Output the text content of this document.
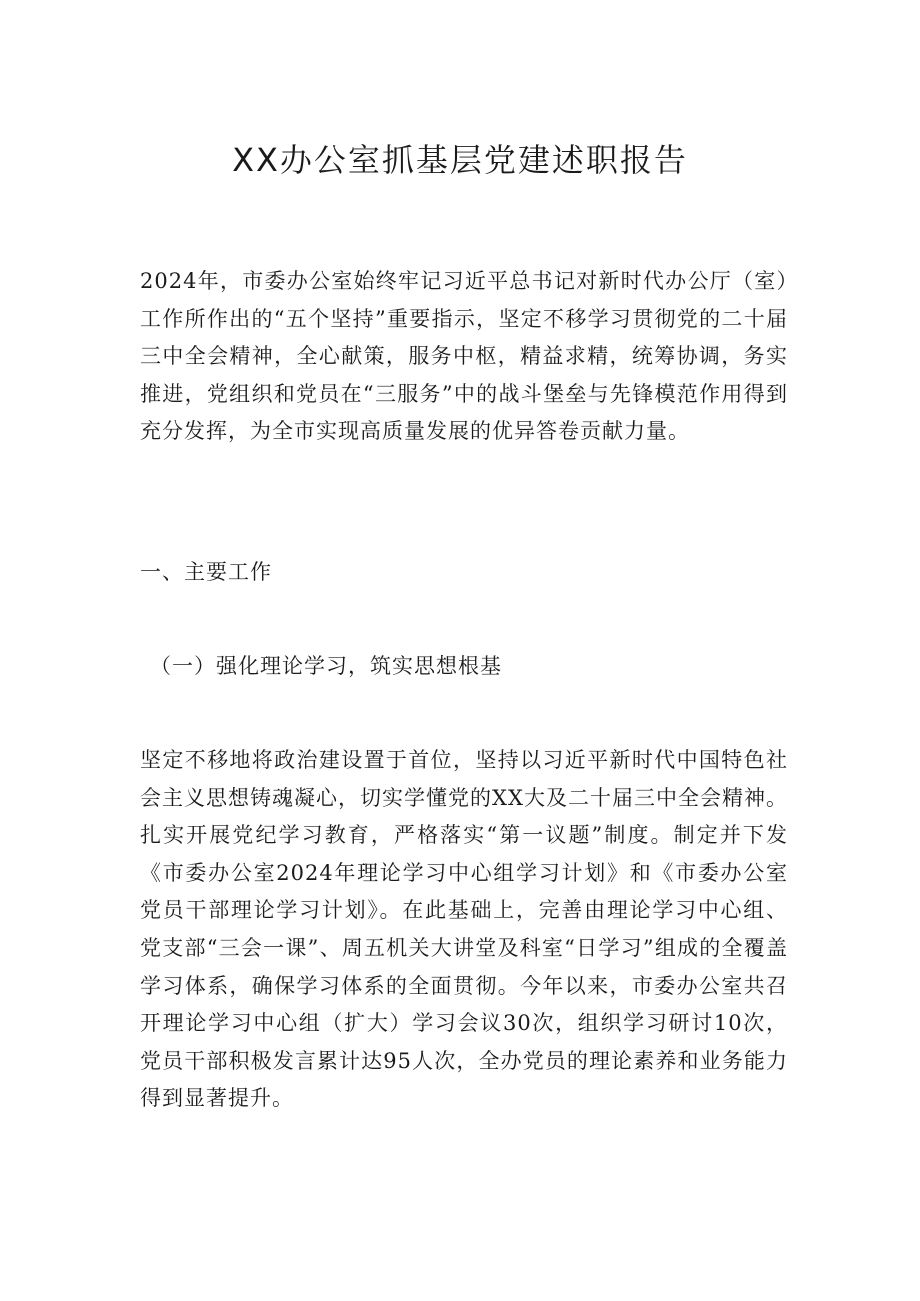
XX办公室抓基层党建述职报告

2024年，市委办公室始终牢记习近平总书记对新时代办公厅（室）工作所作出的“五个坚持”重要指示，坚定不移学习贯彻党的二十届三中全会精神，全心献策，服务中枢，精益求精，统筹协调，务实推进，党组织和党员在“三服务”中的战斗堡垒与先锋模范作用得到充分发挥，为全市实现高质量发展的优异答卷贡献力量。

一、主要工作

（一）强化理论学习，筑实思想根基

坚定不移地将政治建设置于首位，坚持以习近平新时代中国特色社会主义思想铸魂凝心，切实学懂党的XX大及二十届三中全会精神。扎实开展党纪学习教育，严格落实“第一议题”制度。制定并下发《市委办公室2024年理论学习中心组学习计划》和《市委办公室党员干部理论学习计划》。在此基础上，完善由理论学习中心组、党支部“三会一课”、周五机关大讲堂及科室“日学习”组成的全覆盖学习体系，确保学习体系的全面贯彻。今年以来，市委办公室共召开理论学习中心组（扩大）学习会议30次，组织学习研讨10次，党员干部积极发言累计达95人次，全办党员的理论素养和业务能力得到显著提升。
